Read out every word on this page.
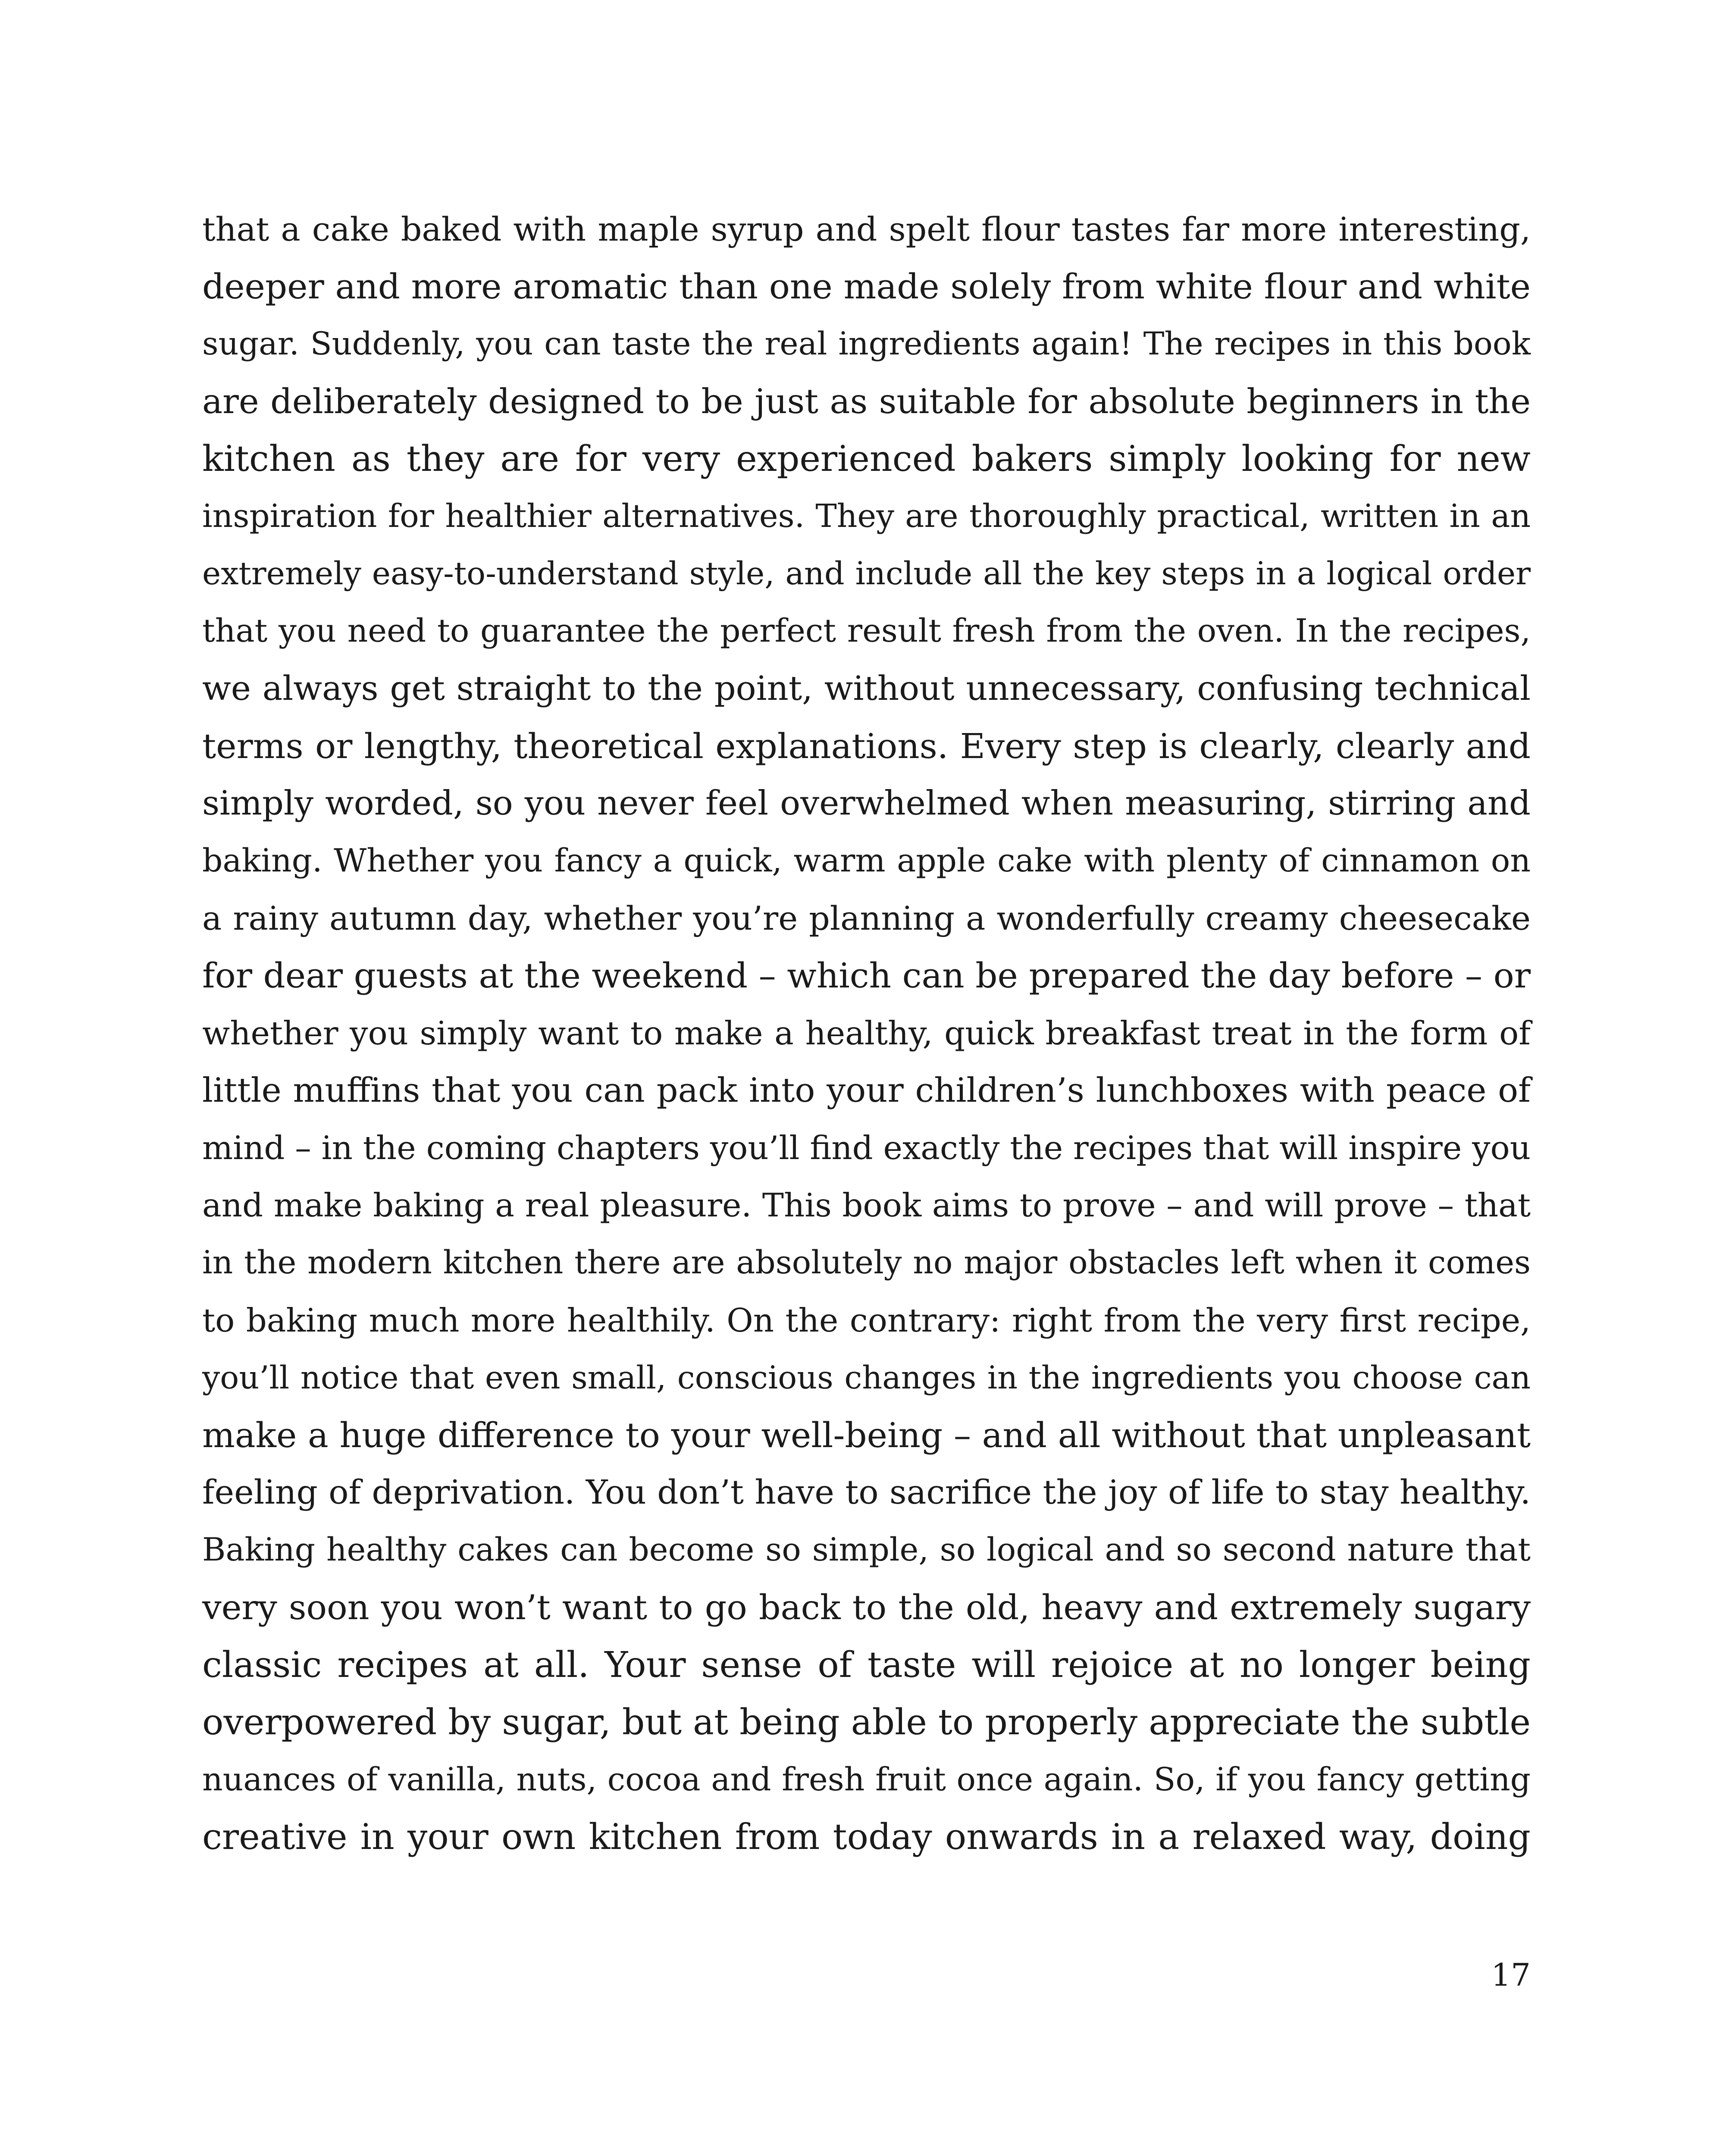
that a cake baked with maple syrup and spelt flour tastes far more interesting,
deeper and more aromatic than one made solely from white flour and white
sugar. Suddenly, you can taste the real ingredients again! The recipes in this book
are deliberately designed to be just as suitable for absolute beginners in the
kitchen as they are for very experienced bakers simply looking for new
inspiration for healthier alternatives. They are thoroughly practical, written in an
extremely easy-to-understand style, and include all the key steps in a logical order
that you need to guarantee the perfect result fresh from the oven. In the recipes,
we always get straight to the point, without unnecessary, confusing technical
terms or lengthy, theoretical explanations. Every step is clearly, clearly and
simply worded, so you never feel overwhelmed when measuring, stirring and
baking. Whether you fancy a quick, warm apple cake with plenty of cinnamon on
a rainy autumn day, whether you’re planning a wonderfully creamy cheesecake
for dear guests at the weekend – which can be prepared the day before – or
whether you simply want to make a healthy, quick breakfast treat in the form of
little muffins that you can pack into your children’s lunchboxes with peace of
mind – in the coming chapters you’ll find exactly the recipes that will inspire you
and make baking a real pleasure. This book aims to prove – and will prove – that
in the modern kitchen there are absolutely no major obstacles left when it comes
to baking much more healthily. On the contrary: right from the very first recipe,
you’ll notice that even small, conscious changes in the ingredients you choose can
make a huge difference to your well-being – and all without that unpleasant
feeling of deprivation. You don’t have to sacrifice the joy of life to stay healthy.
Baking healthy cakes can become so simple, so logical and so second nature that
very soon you won’t want to go back to the old, heavy and extremely sugary
classic recipes at all. Your sense of taste will rejoice at no longer being
overpowered by sugar, but at being able to properly appreciate the subtle
nuances of vanilla, nuts, cocoa and fresh fruit once again. So, if you fancy getting
creative in your own kitchen from today onwards in a relaxed way, doing
17
